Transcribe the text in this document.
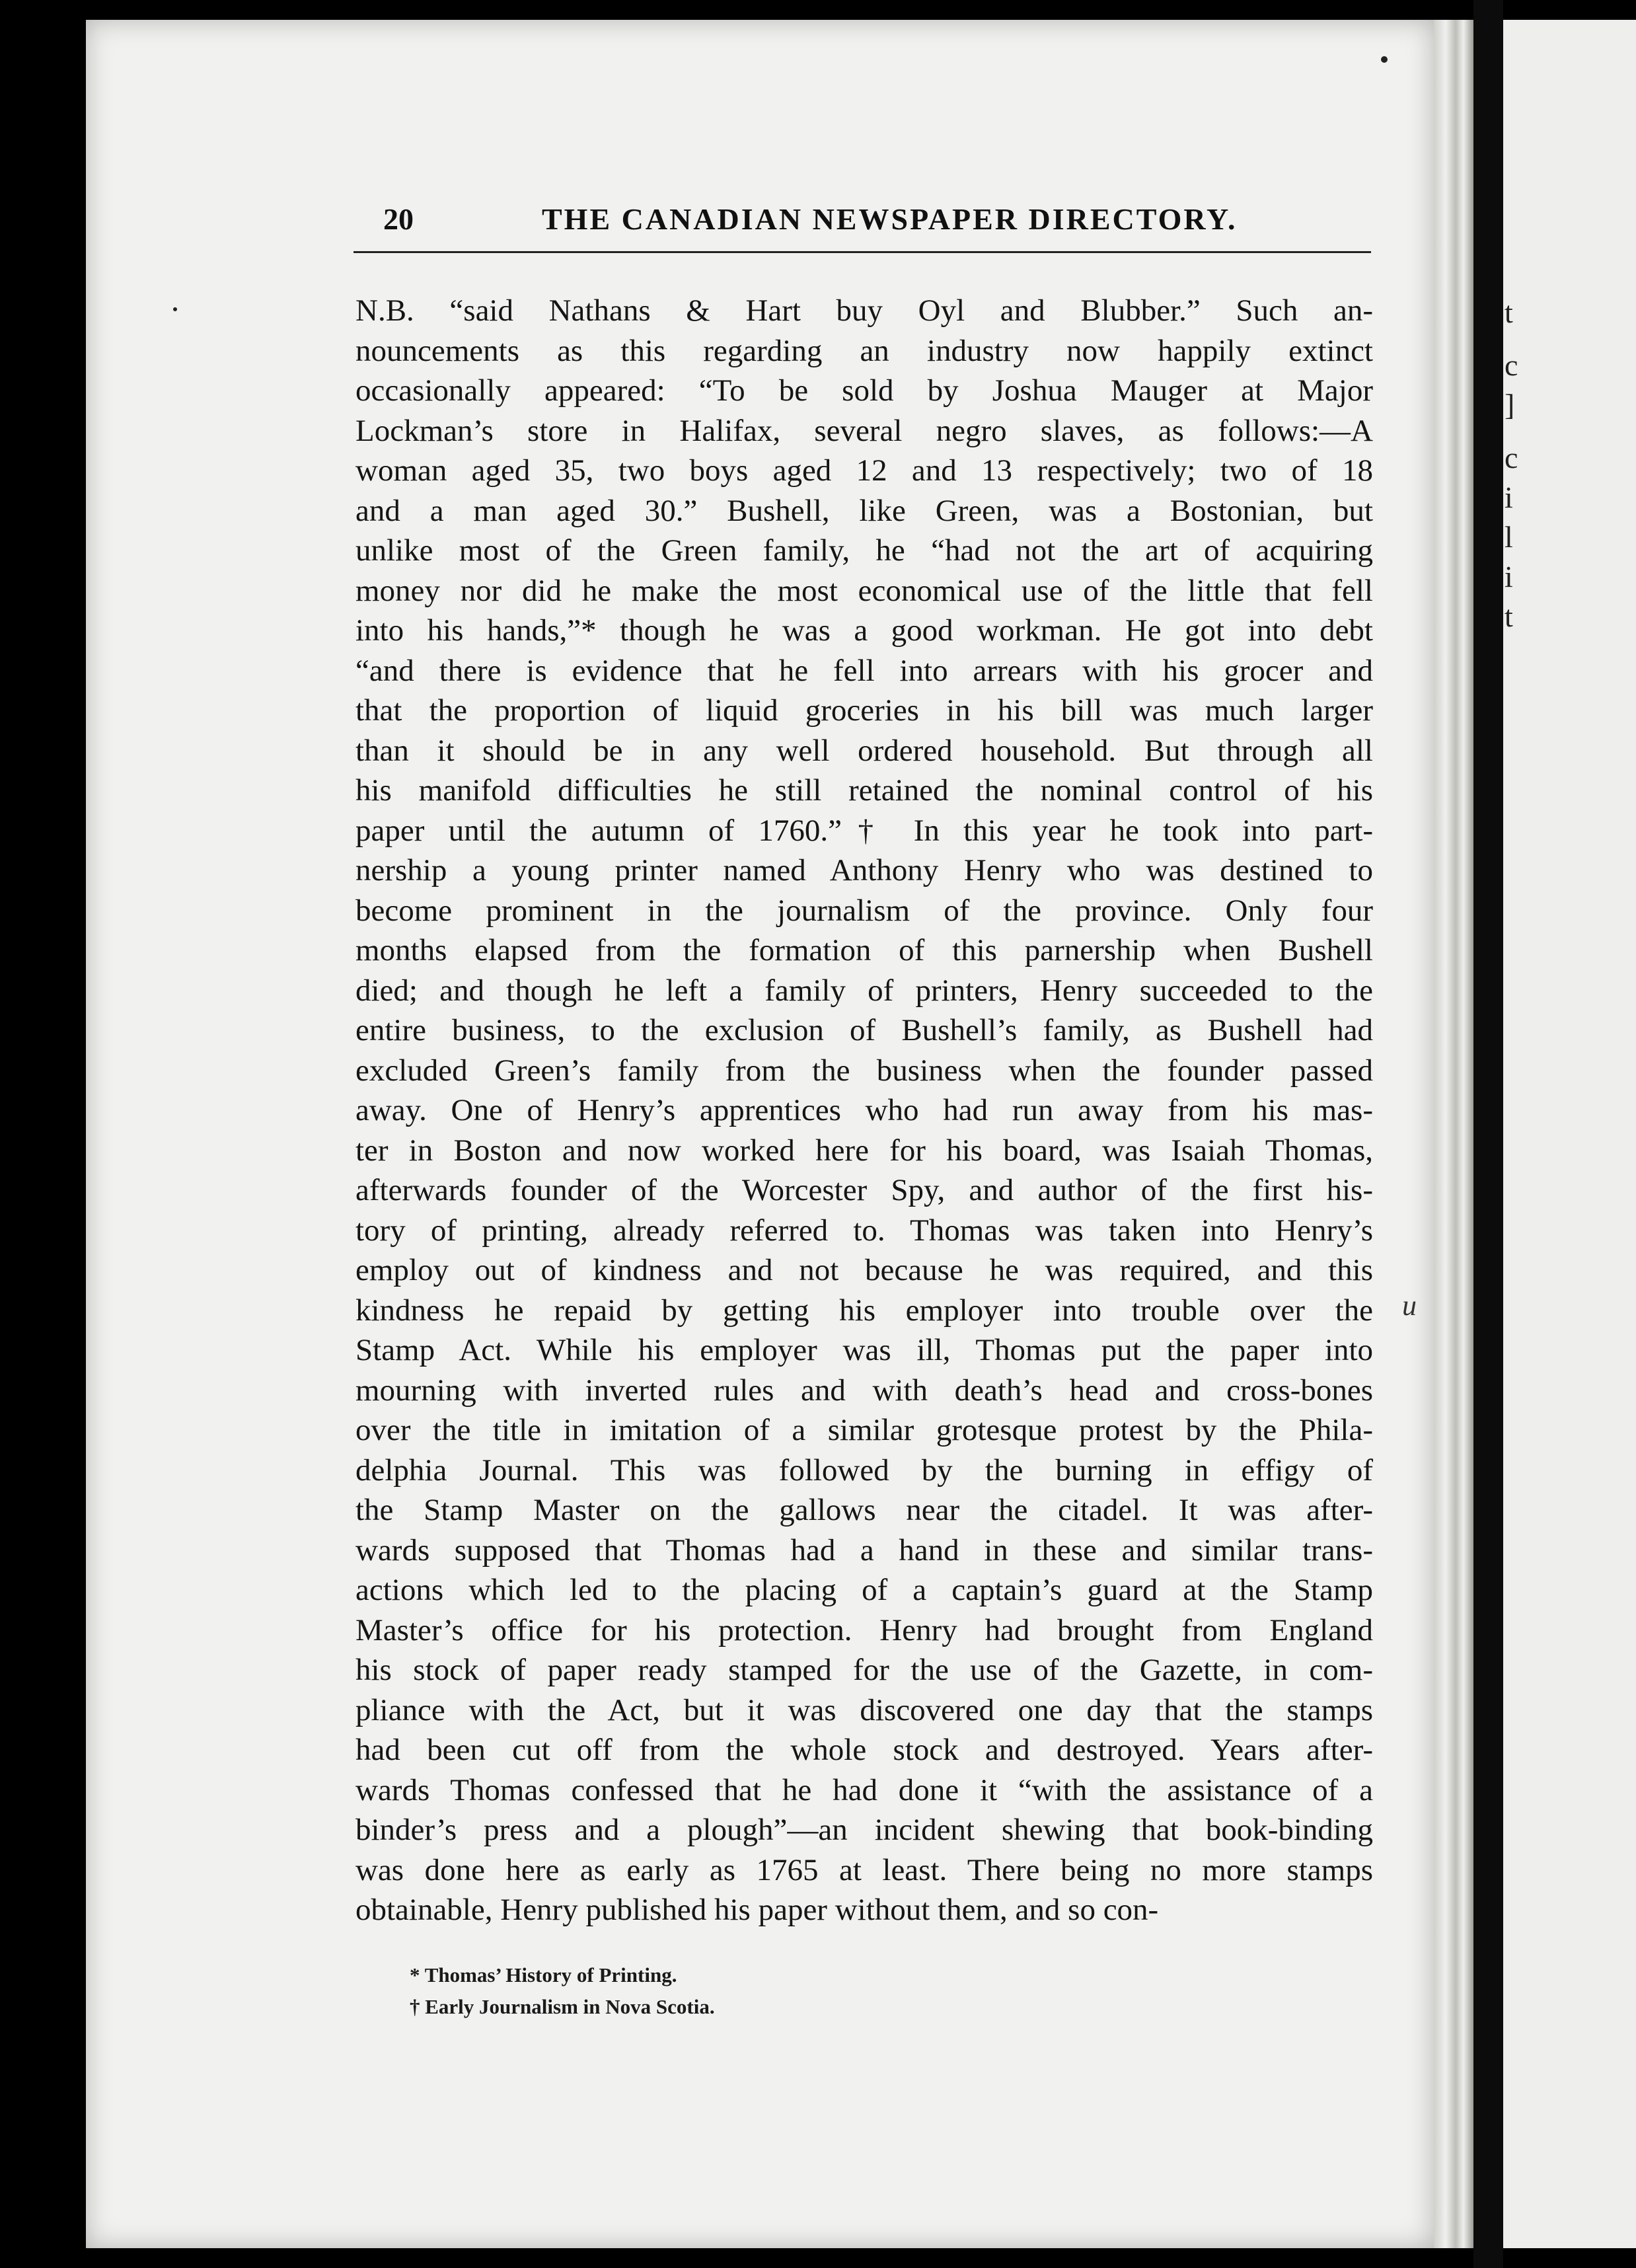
t
c
]
c
i
l
i
t
20	THE CANADIAN NEWSPAPER DIRECTORY.
N.B. “said Nathans & Hart buy Oyl and Blubber.” Such an-
nouncements as this regarding an industry now happily extinct
occasionally appeared: “To be sold by Joshua Mauger at Major
Lockman’s store in Halifax, several negro slaves, as follows:—A
woman aged 35, two boys aged 12 and 13 respectively; two of 18
and a man aged 30.” Bushell, like Green, was a Bostonian, but
unlike most of the Green family, he “had not the art of acquiring
money nor did he make the most economical use of the little that fell
into his hands,”* though he was a good workman. He got into debt
“and there is evidence that he fell into arrears with his grocer and
that the proportion of liquid groceries in his bill was much larger
than it should be in any well ordered household. But through all
his manifold difficulties he still retained the nominal control of his
paper until the autumn of 1760.”† In this year he took into part-
nership a young printer named Anthony Henry who was destined to
become prominent in the journalism of the province. Only four
months elapsed from the formation of this parnership when Bushell
died; and though he left a family of printers, Henry succeeded to the
entire business, to the exclusion of Bushell’s family, as Bushell had
excluded Green’s family from the business when the founder passed
away. One of Henry’s apprentices who had run away from his mas-
ter in Boston and now worked here for his board, was Isaiah Thomas,
afterwards founder of the Worcester Spy, and author of the first his-
tory of printing, already referred to. Thomas was taken into Henry’s
employ out of kindness and not because he was required, and this
kindness he repaid by getting his employer into trouble over the
Stamp Act. While his employer was ill, Thomas put the paper into
mourning with inverted rules and with death’s head and cross-bones
over the title in imitation of a similar grotesque protest by the Phila-
delphia Journal. This was followed by the burning in effigy of
the Stamp Master on the gallows near the citadel. It was after-
wards supposed that Thomas had a hand in these and similar trans-
actions which led to the placing of a captain’s guard at the Stamp
Master’s office for his protection. Henry had brought from England
his stock of paper ready stamped for the use of the Gazette, in com-
pliance with the Act, but it was discovered one day that the stamps
had been cut off from the whole stock and destroyed. Years after-
wards Thomas confessed that he had done it “with the assistance of a
binder’s press and a plough”—an incident shewing that book-binding
was done here as early as 1765 at least. There being no more stamps
obtainable, Henry published his paper without them, and so con-
u
* Thomas’ History of Printing.
† Early Journalism in Nova Scotia.
